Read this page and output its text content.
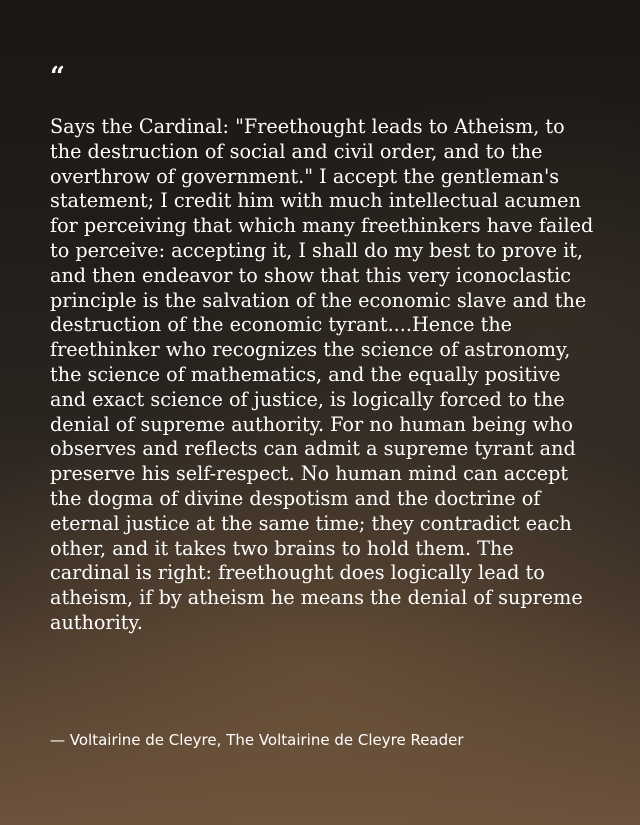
“

Says the Cardinal: "Freethought leads to Atheism, to the destruction of social and civil order, and to the overthrow of government." I accept the gentleman's statement; I credit him with much intellectual acumen for perceiving that which many freethinkers have failed to perceive: accepting it, I shall do my best to prove it, and then endeavor to show that this very iconoclastic principle is the salvation of the economic slave and the destruction of the economic tyrant....Hence the freethinker who recognizes the science of astronomy, the science of mathematics, and the equally positive and exact science of justice, is logically forced to the denial of supreme authority. For no human being who observes and reflects can admit a supreme tyrant and preserve his self-respect. No human mind can accept the dogma of divine despotism and the doctrine of eternal justice at the same time; they contradict each other, and it takes two brains to hold them. The cardinal is right: freethought does logically lead to atheism, if by atheism he means the denial of supreme authority.

— Voltairine de Cleyre, The Voltairine de Cleyre Reader
